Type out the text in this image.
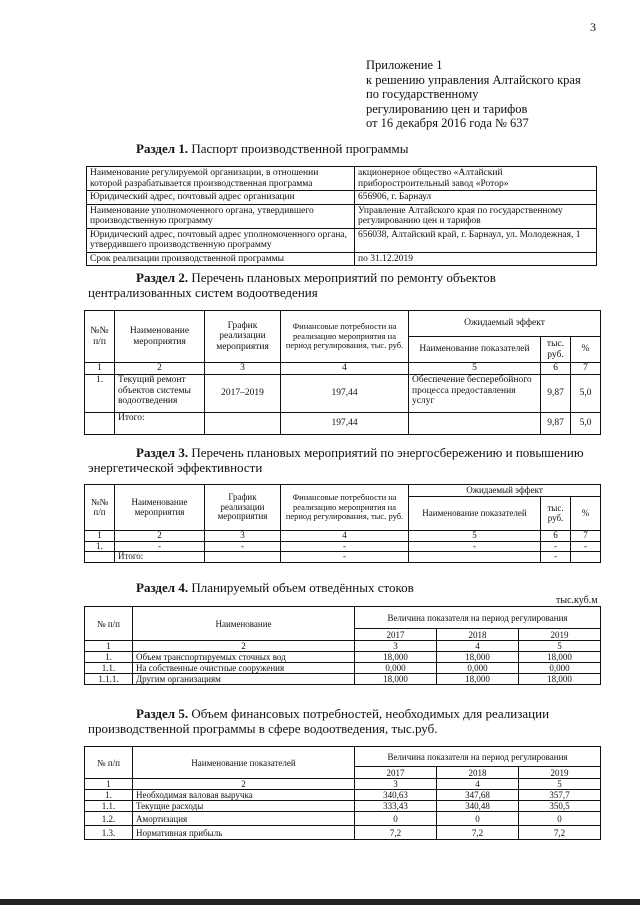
3
Приложение 1
к решению управления Алтайского края
по государственному
регулированию цен и тарифов
от 16 декабря 2016 года № 637
Раздел 1. Паспорт производственной программы
Наименование регулируемой организации, в отношении которой разрабатывается производственная программа	акционерное общество «Алтайский приборостроительный завод «Ротор»
Юридический адрес, почтовый адрес организации	656906, г. Барнаул
Наименование уполномоченного органа, утвердившего производственную программу	Управление Алтайского края по государственному регулированию цен и тарифов
Юридический адрес, почтовый адрес уполномоченного органа, утвердившего производственную программу	656038, Алтайский край, г. Барнаул, ул. Молодежная, 1
Срок реализации производственной программы	по 31.12.2019
Раздел 2. Перечень плановых мероприятий по ремонту объектов централизованных систем водоотведения
№№ п/п	Наименование мероприятия	График реализации мероприятия	Финансовые потребности на реализацию мероприятия на период регулирования, тыс. руб.	Ожидаемый эффект		
				Наименование показателей	тыс. руб.	%
1	2	3	4	5	6	7
1.	Текущий ремонт объектов системы водоотведения	2017–2019	197,44	Обеспечение бесперебойного процесса предоставления услуг	9,87	5,0
	Итого:		197,44		9,87	5,0
Раздел 3. Перечень плановых мероприятий по энергосбережению и повышению энергетической эффективности
№№ п/п	Наименование мероприятия	График реализации мероприятия	Финансовые потребности на реализацию мероприятия на период регулирования, тыс. руб.	Ожидаемый эффект		
				Наименование показателей	тыс. руб.	%
1	2	3	4	5	6	7
1.	-	-	-	-	-	-
	Итого:		-		-	
Раздел 4. Планируемый объем отведённых стоков
тыс.куб.м
№ п/п	Наименование	Величина показателя на период регулирования		
		2017	2018	2019
1	2	3	4	5
1.	Объем транспортируемых сточных вод	18,000	18,000	18,000
1.1.	На собственные очистные сооружения	0,000	0,000	0,000
1.1.1.	Другим организациям	18,000	18,000	18,000
Раздел 5. Объем финансовых потребностей, необходимых для реализации производственной программы в сфере водоотведения, тыс.руб.
№ п/п	Наименование показателей	Величина показателя на период регулирования		
		2017	2018	2019
1	2	3	4	5
1.	Необходимая валовая выручка	340,63	347,68	357,7
1.1.	Текущие расходы	333,43	340,48	350,5
1.2.	Амортизация	0	0	0
1.3.	Нормативная прибыль	7,2	7,2	7,2
